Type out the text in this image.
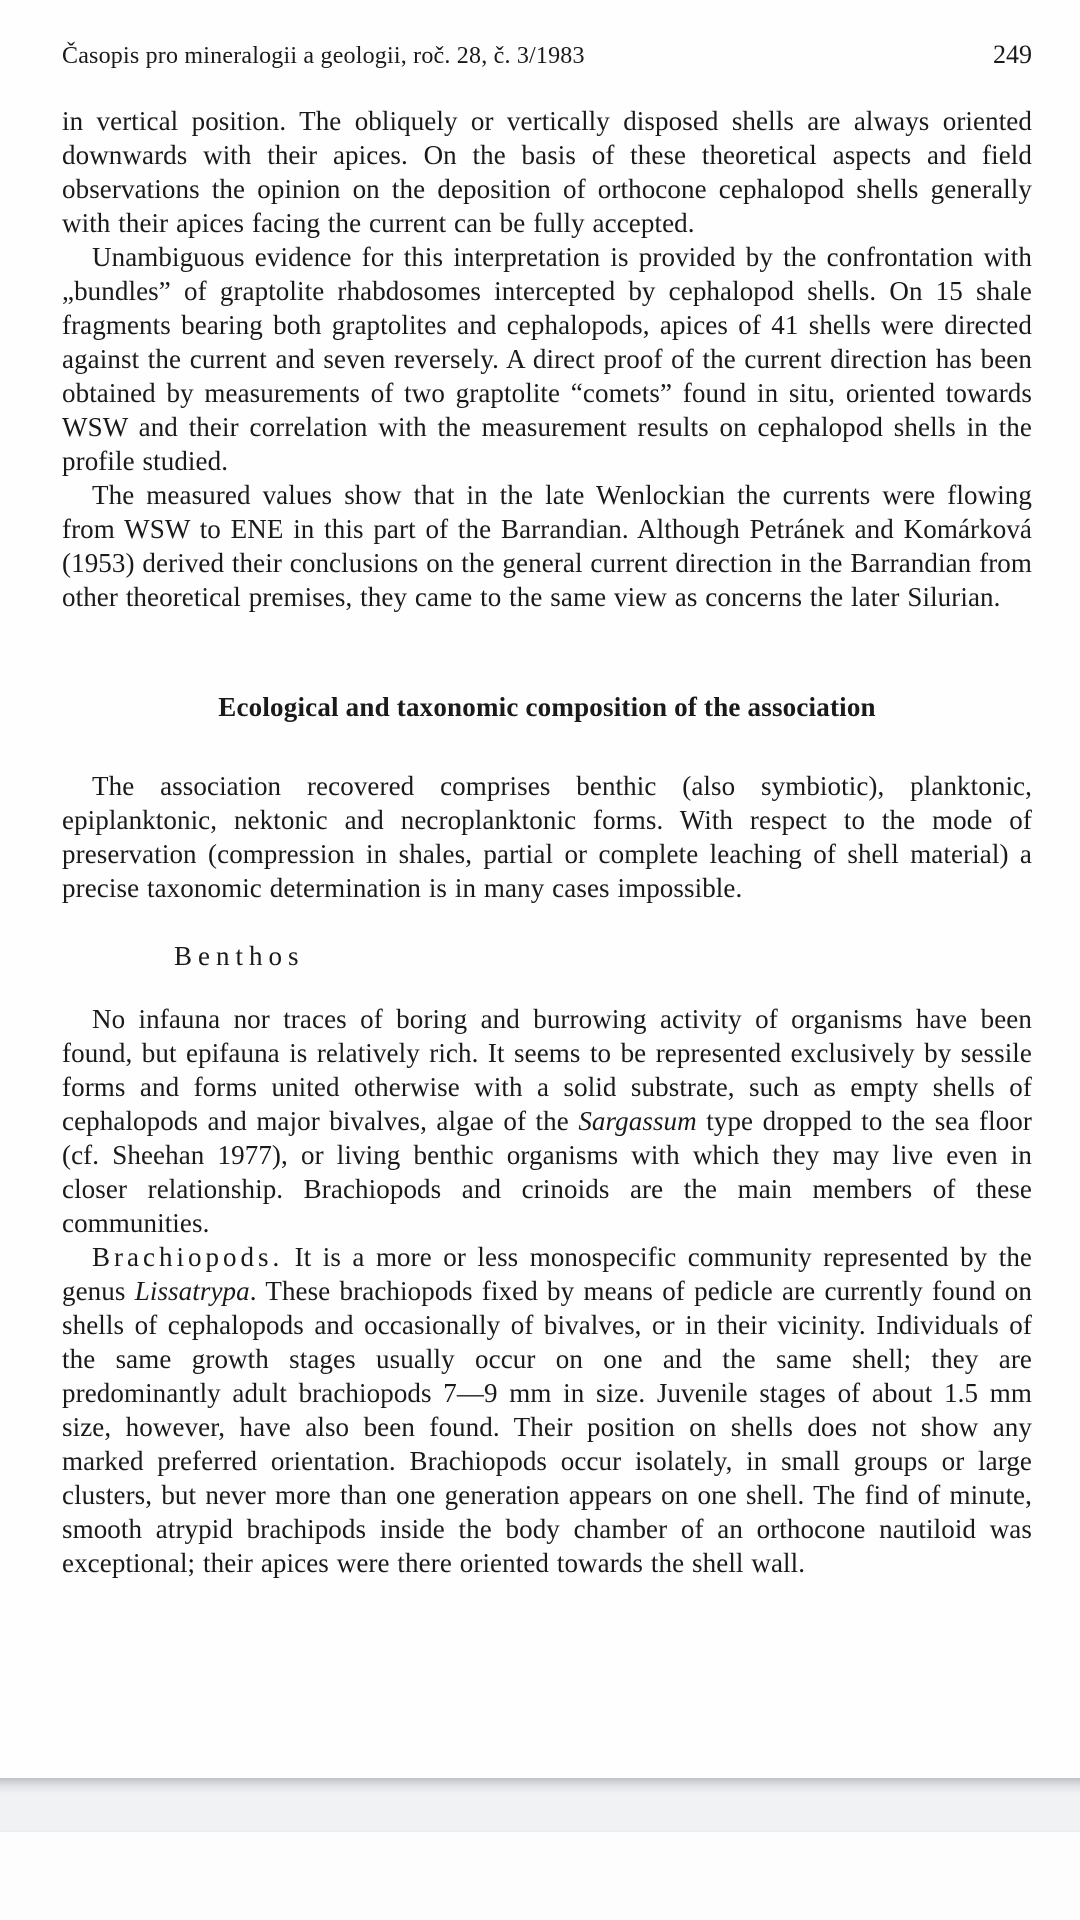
Časopis pro mineralogii a geologii, roč. 28, č. 3/1983	249

in vertical position. The obliquely or vertically disposed shells are always oriented downwards with their apices. On the basis of these theoretical aspects and field observations the opinion on the deposition of orthocone cephalopod shells generally with their apices facing the current can be fully accepted.

Unambiguous evidence for this interpretation is provided by the confrontation with „bundles” of graptolite rhabdosomes intercepted by cephalopod shells. On 15 shale fragments bearing both graptolites and cephalopods, apices of 41 shells were directed against the current and seven reversely. A direct proof of the current direction has been obtained by measurements of two graptolite “comets” found in situ, oriented towards WSW and their correlation with the measurement results on cephalopod shells in the profile studied.

The measured values show that in the late Wenlockian the currents were flowing from WSW to ENE in this part of the Barrandian. Although Petránek and Komárková (1953) derived their conclusions on the general current direction in the Barrandian from other theoretical premises, they came to the same view as concerns the later Silurian.

Ecological and taxonomic composition of the association

The association recovered comprises benthic (also symbiotic), planktonic, epiplanktonic, nektonic and necroplanktonic forms. With respect to the mode of preservation (compression in shales, partial or complete leaching of shell material) a precise taxonomic determination is in many cases impossible.

Benthos

No infauna nor traces of boring and burrowing activity of organisms have been found, but epifauna is relatively rich. It seems to be represented exclusively by sessile forms and forms united otherwise with a solid substrate, such as empty shells of cephalopods and major bivalves, algae of the Sargassum type dropped to the sea floor (cf. Sheehan 1977), or living benthic organisms with which they may live even in closer relationship. Brachiopods and crinoids are the main members of these communities.

Brachiopods. It is a more or less monospecific community represented by the genus Lissatrypa. These brachiopods fixed by means of pedicle are currently found on shells of cephalopods and occasionally of bivalves, or in their vicinity. Individuals of the same growth stages usually occur on one and the same shell; they are predominantly adult brachiopods 7—9 mm in size. Juvenile stages of about 1.5 mm size, however, have also been found. Their position on shells does not show any marked preferred orientation. Brachiopods occur isolately, in small groups or large clusters, but never more than one generation appears on one shell. The find of minute, smooth atrypid brachipods inside the body chamber of an orthocone nautiloid was exceptional; their apices were there oriented towards the shell wall.
